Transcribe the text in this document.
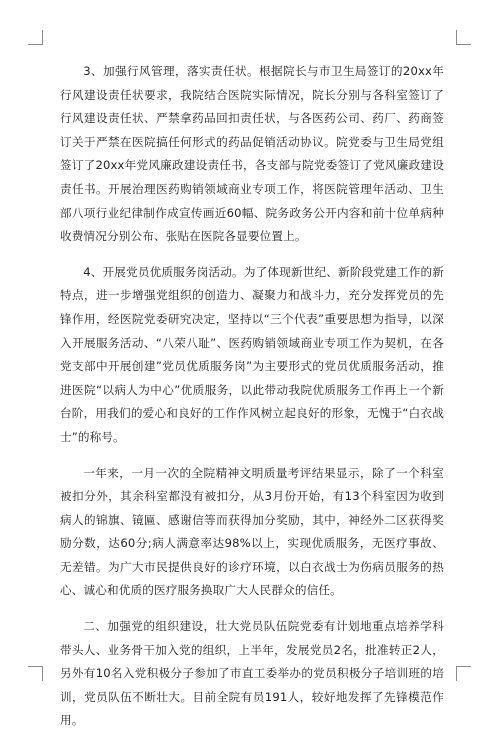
3、加强行风管理，落实责任状。根据院长与市卫生局签订的20xx年行风建设责任状要求，我院结合医院实际情况，院长分别与各科室签订了行风建设责任状、严禁拿药品回扣责任状，与各医药公司、药厂、药商签订关于严禁在医院搞任何形式的药品促销活动协议。院党委与卫生局党组签订了20xx年党风廉政建设责任书，各支部与院党委签订了党风廉政建设责任书。开展治理医药购销领域商业专项工作，将医院管理年活动、卫生部八项行业纪律制作成宣传画近60幅、院务政务公开内容和前十位单病种收费情况分别公布、张贴在医院各显要位置上。

4、开展党员优质服务岗活动。为了体现新世纪、新阶段党建工作的新特点，进一步增强党组织的创造力、凝聚力和战斗力，充分发挥党员的先锋作用，经医院党委研究决定，坚持以“三个代表”重要思想为指导，以深入开展服务活动、“八荣八耻”、医药购销领域商业专项工作为契机，在各党支部中开展创建”党员优质服务岗”为主要形式的党员优质服务活动，推进医院“以病人为中心”优质服务，以此带动我院优质服务工作再上一个新台阶，用我们的爱心和良好的工作作风树立起良好的形象，无愧于“白衣战士”的称号。

一年来，一月一次的全院精神文明质量考评结果显示，除了一个科室被扣分外，其余科室都没有被扣分，从3月份开始，有13个科室因为收到病人的锦旗、镜匾、感谢信等而获得加分奖励，其中，神经外二区获得奖励分数，达60分;病人满意率达98%以上，实现优质服务，无医疗事故、无差错。为广大市民提供良好的诊疗环境，以白衣战士为伤病员服务的热心、诚心和优质的医疗服务换取广大人民群众的信任。

二、加强党的组织建设，壮大党员队伍院党委有计划地重点培养学科带头人、业务骨干加入党的组织，上半年，发展党员2名，批准转正2人，另外有10名入党积极分子参加了市直工委举办的党员积极分子培训班的培训，党员队伍不断壮大。目前全院有员191人，较好地发挥了先锋模范作用。
